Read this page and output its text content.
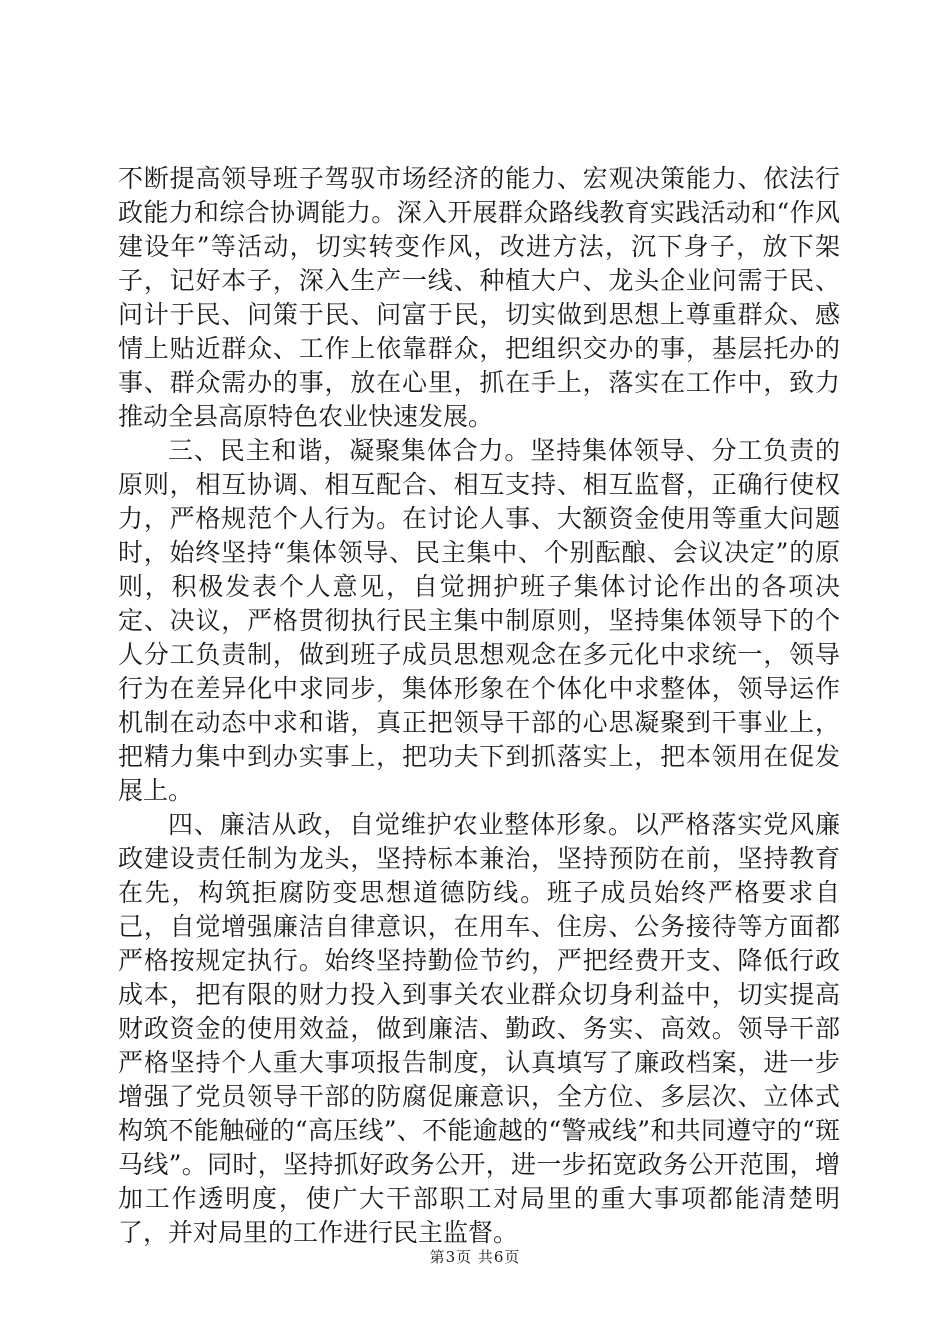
不断提高领导班子驾驭市场经济的能力、宏观决策能力、依法行政能力和综合协调能力。深入开展群众路线教育实践活动和“作风建设年”等活动，切实转变作风，改进方法，沉下身子，放下架子，记好本子，深入生产一线、种植大户、龙头企业问需于民、问计于民、问策于民、问富于民，切实做到思想上尊重群众、感情上贴近群众、工作上依靠群众，把组织交办的事，基层托办的事、群众需办的事，放在心里，抓在手上，落实在工作中，致力推动全县高原特色农业快速发展。

三、民主和谐，凝聚集体合力。坚持集体领导、分工负责的原则，相互协调、相互配合、相互支持、相互监督，正确行使权力，严格规范个人行为。在讨论人事、大额资金使用等重大问题时，始终坚持“集体领导、民主集中、个别酝酿、会议决定”的原则，积极发表个人意见，自觉拥护班子集体讨论作出的各项决定、决议，严格贯彻执行民主集中制原则，坚持集体领导下的个人分工负责制，做到班子成员思想观念在多元化中求统一，领导行为在差异化中求同步，集体形象在个体化中求整体，领导运作机制在动态中求和谐，真正把领导干部的心思凝聚到干事业上，把精力集中到办实事上，把功夫下到抓落实上，把本领用在促发展上。

四、廉洁从政，自觉维护农业整体形象。以严格落实党风廉政建设责任制为龙头，坚持标本兼治，坚持预防在前，坚持教育在先，构筑拒腐防变思想道德防线。班子成员始终严格要求自己，自觉增强廉洁自律意识，在用车、住房、公务接待等方面都严格按规定执行。始终坚持勤俭节约，严把经费开支、降低行政成本，把有限的财力投入到事关农业群众切身利益中，切实提高财政资金的使用效益，做到廉洁、勤政、务实、高效。领导干部严格坚持个人重大事项报告制度，认真填写了廉政档案，进一步增强了党员领导干部的防腐促廉意识，全方位、多层次、立体式构筑不能触碰的“高压线”、不能逾越的“警戒线”和共同遵守的“斑马线”。同时，坚持抓好政务公开，进一步拓宽政务公开范围，增加工作透明度，使广大干部职工对局里的重大事项都能清楚明了，并对局里的工作进行民主监督。

第3页 共6页
